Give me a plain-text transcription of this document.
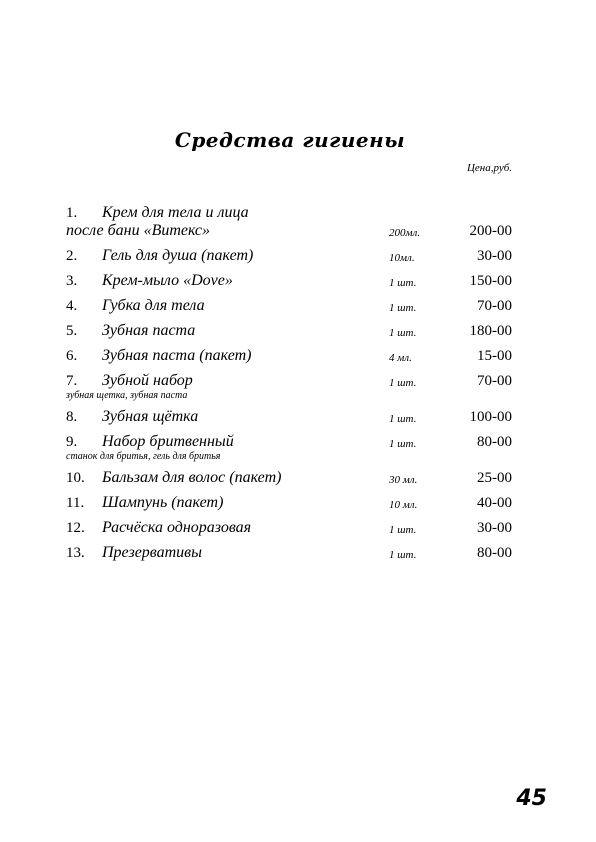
Средства гигиены
Цена,руб.
1. Крем для тела и лица
после бани «Витекс»	200мл.	200-00
2. Гель для душа (пакет)	10мл.	30-00
3. Крем-мыло «Dove»	1 шт.	150-00
4. Губка для тела	1 шт.	70-00
5. Зубная паста	1 шт.	180-00
6. Зубная паста (пакет)	4 мл.	15-00
7. Зубной набор	1 шт.	70-00
зубная щетка, зубная паста
8. Зубная щётка	1 шт.	100-00
9. Набор бритвенный	1 шт.	80-00
станок для бритья, гель для бритья
10. Бальзам для волос (пакет)	30 мл.	25-00
11. Шампунь (пакет)	10 мл.	40-00
12. Расчёска одноразовая	1 шт.	30-00
13. Презервативы	1 шт.	80-00
45
